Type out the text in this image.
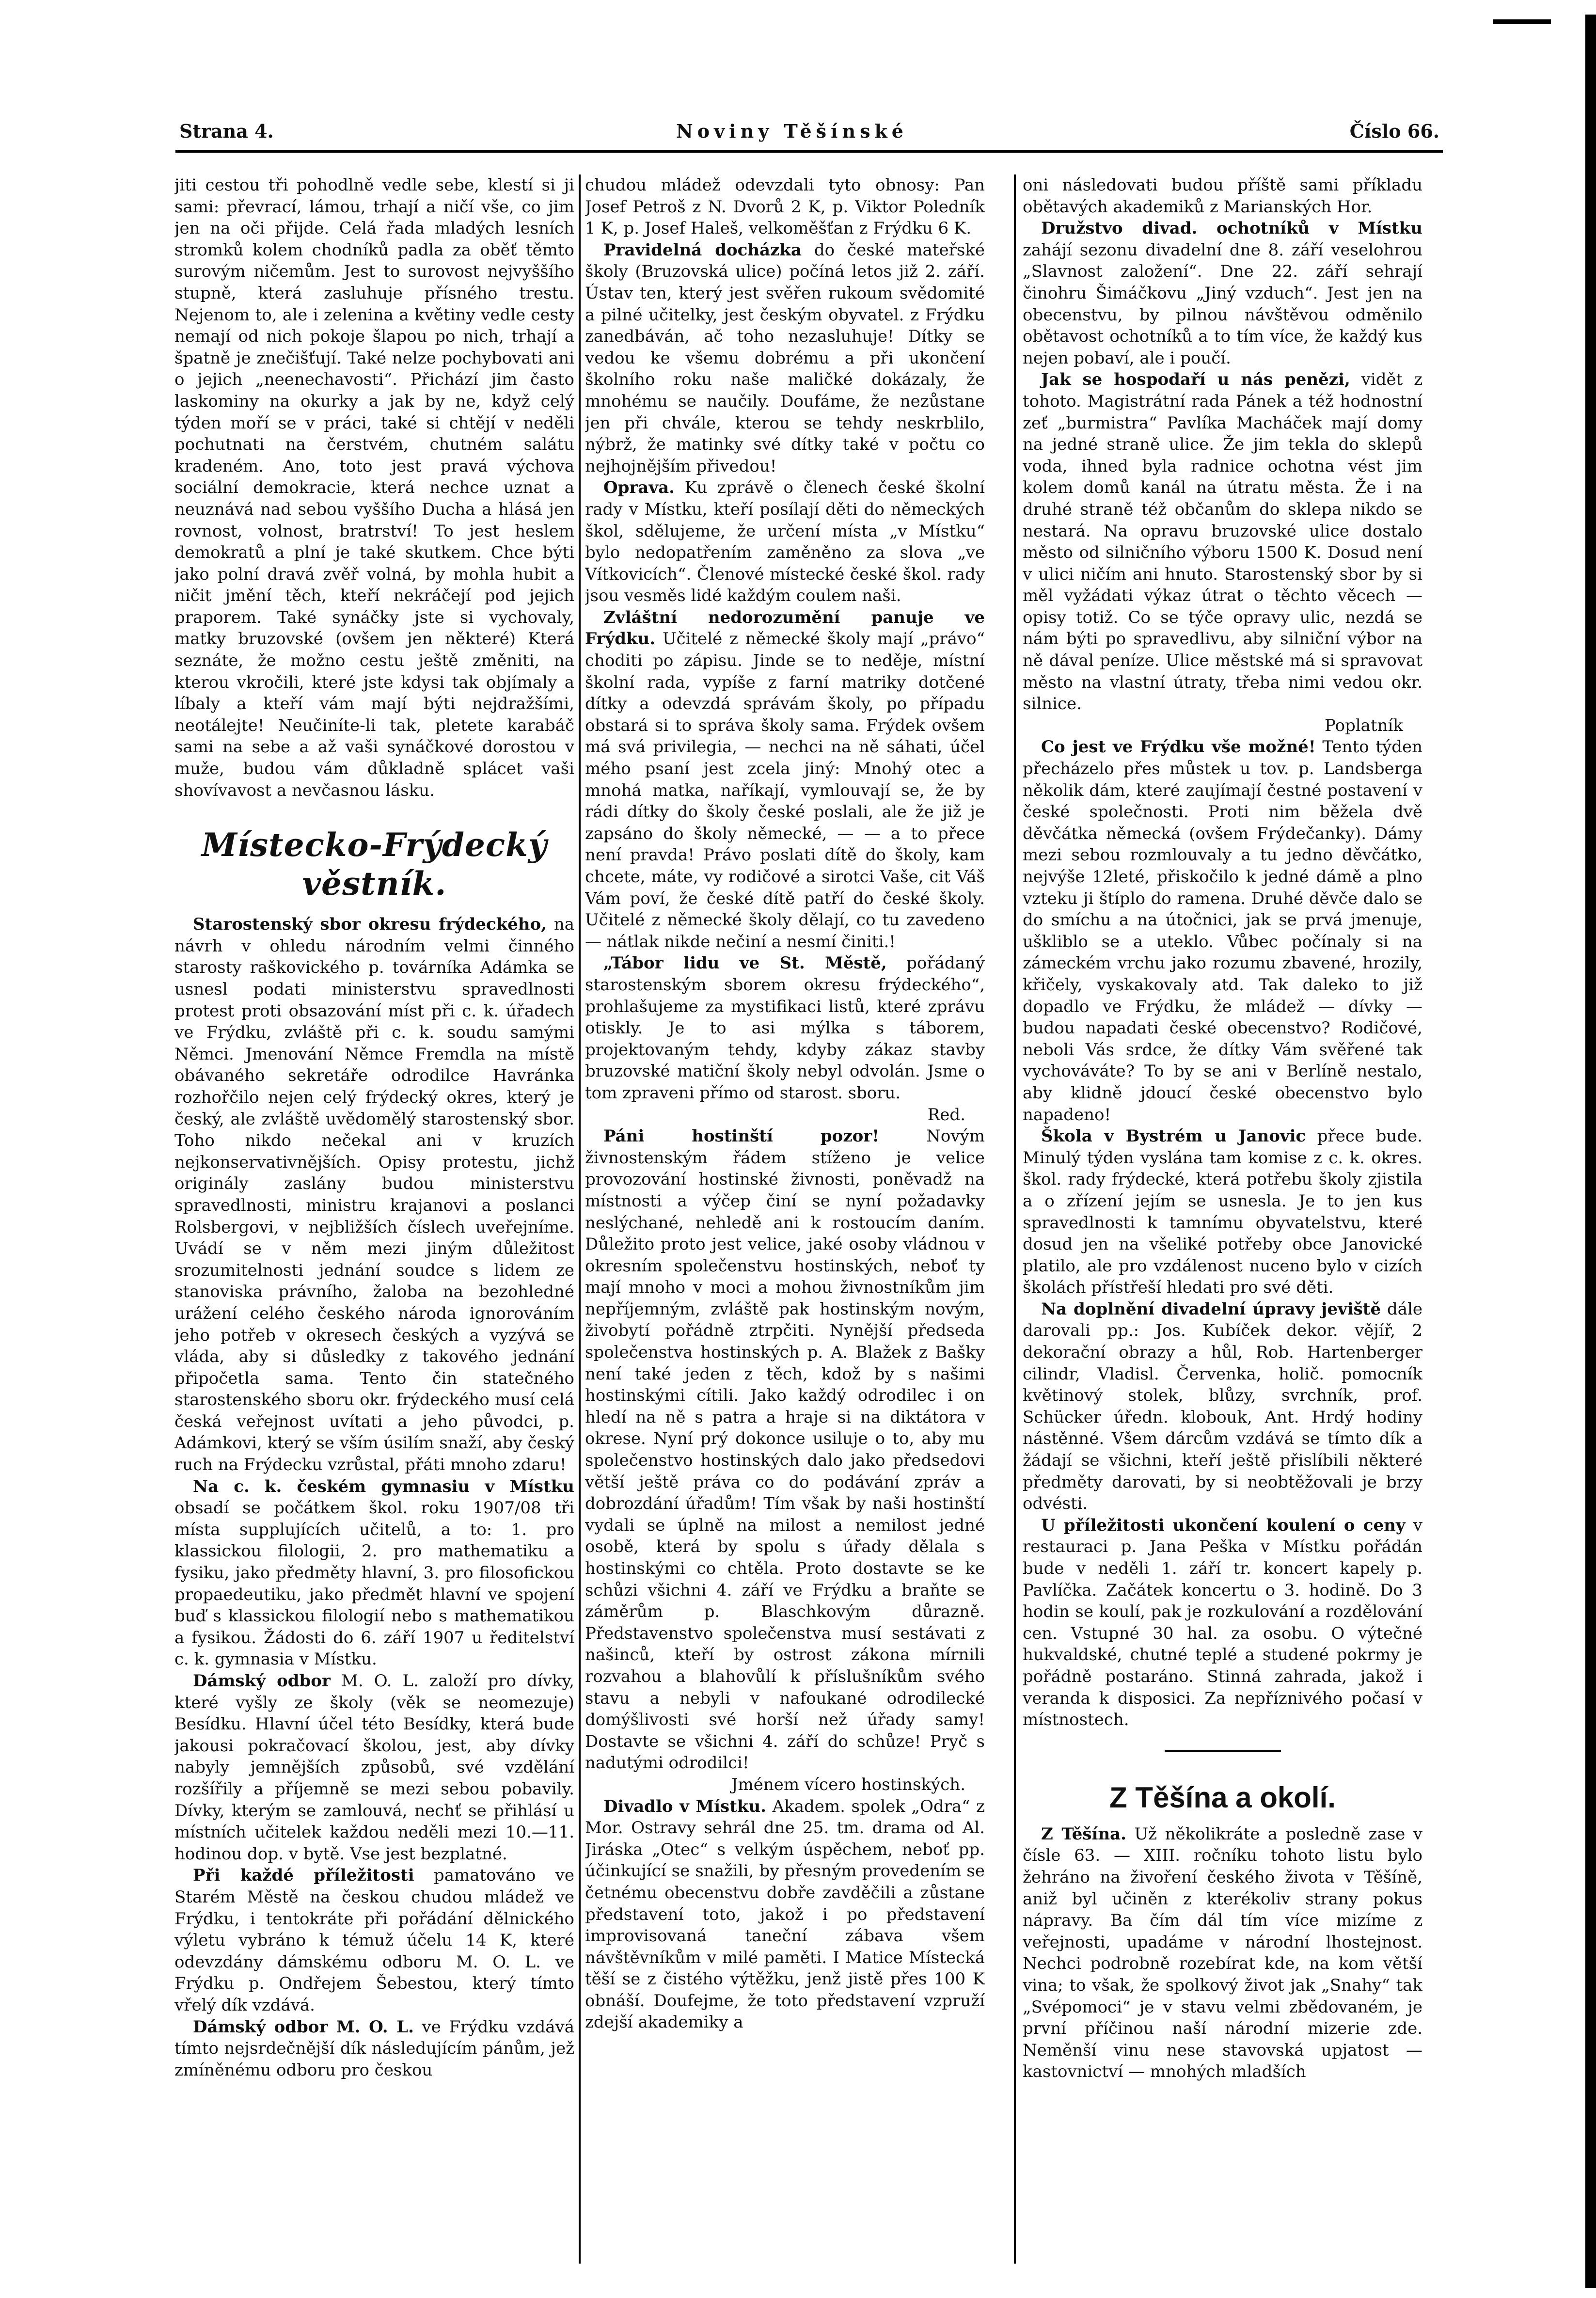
Strana 4.	Noviny Těšínské	Číslo 66.

jiti cestou tři pohodlně vedle sebe, klestí si ji sami: převrací, lámou, trhají a ničí vše, co jim jen na oči přijde. Celá řada mladých lesních stromků kolem chodníků padla za oběť těmto surovým ničemům. Jest to surovost nejvyššího stupně, která zasluhuje přísného trestu. Nejenom to, ale i zelenina a květiny vedle cesty nemají od nich pokoje šlapou po nich, trhají a špatně je znečišťují. Také nelze pochybovati ani o jejich „neenechavosti“. Přichází jim často laskominy na okurky a jak by ne, když celý týden moří se v práci, také si chtějí v neděli pochutnati na čerstvém, chutném salátu kradeném. Ano, toto jest pravá výchova sociální demokracie, která nechce uznat a neuznává nad sebou vyššího Ducha a hlásá jen rovnost, volnost, bratrství! To jest heslem demokratů a plní je také skutkem. Chce býti jako polní dravá zvěř volná, by mohla hubit a ničit jmění těch, kteří nekráčejí pod jejich praporem. Také synáčky jste si vychovaly, matky bruzovské (ovšem jen některé) Která seznáte, že možno cestu ještě změniti, na kterou vkročili, které jste kdysi tak objímaly a líbaly a kteří vám mají býti nejdražšími, neotálejte! Neučiníte-li tak, pletete karabáč sami na sebe a až vaši synáčkové dorostou v muže, budou vám důkladně splácet vaši shovívavost a nevčasnou lásku.

Místecko-Frýdecký věstník.

Starostenský sbor okresu frýdeckého, na návrh v ohledu národním velmi činného starosty raškovického p. továrníka Adámka se usnesl podati ministerstvu spravedlnosti protest proti obsazování míst při c. k. úřadech ve Frýdku, zvláště při c. k. soudu samými Němci. Jmenování Němce Fremdla na místě obávaného sekretáře odrodilce Havránka rozhořčilo nejen celý frýdecký okres, který je český, ale zvláště uvědomělý starostenský sbor. Toho nikdo nečekal ani v kruzích nejkonservativnějších. Opisy protestu, jichž originály zaslány budou ministerstvu spravedlnosti, ministru krajanovi a poslanci Rolsbergovi, v nejbližších číslech uveřejníme. Uvádí se v něm mezi jiným důležitost srozumitelnosti jednání soudce s lidem ze stanoviska právního, žaloba na bezohledné urážení celého českého národa ignorováním jeho potřeb v okresech českých a vyzývá se vláda, aby si důsledky z takového jednání připočetla sama. Tento čin statečného starostenského sboru okr. frýdeckého musí celá česká veřejnost uvítati a jeho původci, p. Adámkovi, který se vším úsilím snaží, aby český ruch na Frýdecku vzrůstal, přáti mnoho zdaru!

Na c. k. českém gymnasiu v Místku obsadí se počátkem škol. roku 1907/08 tři místa supplujících učitelů, a to: 1. pro klassickou filologii, 2. pro mathematiku a fysiku, jako předměty hlavní, 3. pro filosofickou propaedeutiku, jako předmět hlavní ve spojení buď s klassickou filologií nebo s mathematikou a fysikou. Žádosti do 6. září 1907 u ředitelství c. k. gymnasia v Místku.

Dámský odbor M. O. L. založí pro dívky, které vyšly ze školy (věk se neomezuje) Besídku. Hlavní účel této Besídky, která bude jakousi pokračovací školou, jest, aby dívky nabyly jemnějších způsobů, své vzdělání rozšířily a příjemně se mezi sebou pobavily. Dívky, kterým se zamlouvá, nechť se přihlásí u místních učitelek každou neděli mezi 10.—11. hodinou dop. v bytě. Vse jest bezplatné.

Při každé příležitosti pamatováno ve Starém Městě na českou chudou mládež ve Frýdku, i tentokráte při pořádání dělnického výletu vybráno k témuž účelu 14 K, které odevzdány dámskému odboru M. O. L. ve Frýdku p. Ondřejem Šebestou, který tímto vřelý dík vzdává.

Dámský odbor M. O. L. ve Frýdku vzdává tímto nejsrdečnější dík následujícím pánům, jež zmíněnému odboru pro českou

chudou mládež odevzdali tyto obnosy: Pan Josef Petroš z N. Dvorů 2 K, p. Viktor Poledník 1 K, p. Josef Haleš, velkoměšťan z Frýdku 6 K.

Pravidelná docházka do české mateřské školy (Bruzovská ulice) počíná letos již 2. září. Ústav ten, který jest svěřen rukoum svědomité a pilné učitelky, jest českým obyvatel. z Frýdku zanedbáván, ač toho nezasluhuje! Dítky se vedou ke všemu dobrému a při ukončení školního roku naše maličké dokázaly, že mnohému se naučily. Doufáme, že nezůstane jen při chvále, kterou se tehdy neskrblilo, nýbrž, že matinky své dítky také v počtu co nejhojnějším přivedou!

Oprava. Ku zprávě o členech české školní rady v Místku, kteří posílají děti do německých škol, sdělujeme, že určení místa „v Místku“ bylo nedopatřením zaměněno za slova „ve Vítkovicích“. Členové místecké české škol. rady jsou vesměs lidé každým coulem naši.

Zvláštní nedorozumění panuje ve Frýdku. Učitelé z německé školy mají „právo“ choditi po zápisu. Jinde se to neděje, místní školní rada, vypíše z farní matriky dotčené dítky a odevzdá správám školy, po případu obstará si to správa školy sama. Frýdek ovšem má svá privilegia, — nechci na ně sáhati, účel mého psaní jest zcela jiný: Mnohý otec a mnohá matka, naříkají, vymlouvají se, že by rádi dítky do školy české poslali, ale že již je zapsáno do školy německé, — — a to přece není pravda! Právo poslati dítě do školy, kam chcete, máte, vy rodičové a sirotci Vaše, cit Váš Vám poví, že české dítě patří do české školy. Učitelé z německé školy dělají, co tu zavedeno — nátlak nikde nečiní a nesmí činiti.!

„Tábor lidu ve St. Městě, pořádaný starostenským sborem okresu frýdeckého“, prohlašujeme za mystifikaci listů, které zprávu otiskly. Je to asi mýlka s táborem, projektovaným tehdy, kdyby zákaz stavby bruzovské matiční školy nebyl odvolán. Jsme o tom zpraveni přímo od starost. sboru.

Red.

Páni hostinští pozor! Novým živnostenským řádem stíženo je velice provozování hostinské živnosti, poněvadž na místnosti a výčep činí se nyní požadavky neslýchané, nehledě ani k rostoucím daním. Důležito proto jest velice, jaké osoby vládnou v okresním společenstvu hostinských, neboť ty mají mnoho v moci a mohou živnostníkům jim nepříjemným, zvláště pak hostinským novým, živobytí pořádně ztrpčiti. Nynější předseda společenstva hostinských p. A. Blažek z Bašky není také jeden z těch, kdož by s našimi hostinskými cítili. Jako každý odrodilec i on hledí na ně s patra a hraje si na diktátora v okrese. Nyní prý dokonce usiluje o to, aby mu společenstvo hostinských dalo jako předsedovi větší ještě práva co do podávání zpráv a dobrozdání úřadům! Tím však by naši hostinští vydali se úplně na milost a nemilost jedné osobě, která by spolu s úřady dělala s hostinskými co chtěla. Proto dostavte se ke schůzi všichni 4. září ve Frýdku a braňte se záměrům p. Blaschkovým důrazně. Představenstvo společenstva musí sestávati z našinců, kteří by ostrost zákona mírnili rozvahou a blahovůlí k příslušníkům svého stavu a nebyli v nafoukané odrodilecké domýšlivosti své horší než úřady samy! Dostavte se všichni 4. září do schůze! Pryč s nadutými odrodilci!

Jménem vícero hostinských.

Divadlo v Místku. Akadem. spolek „Odra“ z Mor. Ostravy sehrál dne 25. tm. drama od Al. Jiráska „Otec“ s velkým úspěchem, neboť pp. účinkující se snažili, by přesným provedením se četnému obecenstvu dobře zavděčili a zůstane představení toto, jakož i po představení improvisovaná taneční zábava všem návštěvníkům v milé paměti. I Matice Místecká těší se z čistého výtěžku, jenž jistě přes 100 K obnáší. Doufejme, že toto představení vzpruží zdejší akademiky a

oni následovati budou příště sami příkladu obětavých akademiků z Marianských Hor.

Družstvo divad. ochotníků v Místku zahájí sezonu divadelní dne 8. září veselohrou „Slavnost založení“. Dne 22. září sehrají činohru Šimáčkovu „Jiný vzduch“. Jest jen na obecenstvu, by pilnou návštěvou odměnilo obětavost ochotníků a to tím více, že každý kus nejen pobaví, ale i poučí.

Jak se hospodaří u nás penězi, vidět z tohoto. Magistrátní rada Pánek a též hodnostní zeť „burmistra“ Pavlíka Macháček mají domy na jedné straně ulice. Že jim tekla do sklepů voda, ihned byla radnice ochotna vést jim kolem domů kanál na útratu města. Že i na druhé straně též občanům do sklepa nikdo se nestará. Na opravu bruzovské ulice dostalo město od silničního výboru 1500 K. Dosud není v ulici ničím ani hnuto. Starostenský sbor by si měl vyžádati výkaz útrat o těchto věcech — opisy totiž. Co se týče opravy ulic, nezdá se nám býti po spravedlivu, aby silniční výbor na ně dával peníze. Ulice městské má si spravovat město na vlastní útraty, třeba nimi vedou okr. silnice.

Poplatník

Co jest ve Frýdku vše možné! Tento týden přecházelo přes můstek u tov. p. Landsberga několik dám, které zaujímají čestné postavení v české společnosti. Proti nim běžela dvě děvčátka německá (ovšem Frýdečanky). Dámy mezi sebou rozmlouvaly a tu jedno děvčátko, nejvýše 12leté, přiskočilo k jedné dámě a plno vzteku ji štíplo do ramena. Druhé děvče dalo se do smíchu a na útočnici, jak se prvá jmenuje, uškliblo se a uteklo. Vůbec počínaly si na zámeckém vrchu jako rozumu zbavené, hrozily, křičely, vyskakovaly atd. Tak daleko to již dopadlo ve Frýdku, že mládež — dívky — budou napadati české obecenstvo? Rodičové, neboli Vás srdce, že dítky Vám svěřené tak vychováváte? To by se ani v Berlíně nestalo, aby klidně jdoucí české obecenstvo bylo napadeno!

Škola v Bystrém u Janovic přece bude. Minulý týden vyslána tam komise z c. k. okres. škol. rady frýdecké, která potřebu školy zjistila a o zřízení jejím se usnesla. Je to jen kus spravedlnosti k tamnímu obyvatelstvu, které dosud jen na všeliké potřeby obce Janovické platilo, ale pro vzdálenost nuceno bylo v cizích školách přístřeší hledati pro své děti.

Na doplnění divadelní úpravy jeviště dále darovali pp.: Jos. Kubíček dekor. vějíř, 2 dekorační obrazy a hůl, Rob. Hartenberger cilindr, Vladisl. Červenka, holič. pomocník květinový stolek, blůzy, svrchník, prof. Schücker úředn. klobouk, Ant. Hrdý hodiny nástěnné. Všem dárcům vzdává se tímto dík a žádají se všichni, kteří ještě přislíbili některé předměty darovati, by si neobtěžovali je brzy odvésti.

U příležitosti ukončení koulení o ceny v restauraci p. Jana Peška v Místku pořádán bude v neděli 1. září tr. koncert kapely p. Pavlíčka. Začátek koncertu o 3. hodině. Do 3 hodin se koulí, pak je rozkulování a rozdělování cen. Vstupné 30 hal. za osobu. O výtečné hukvaldské, chutné teplé a studené pokrmy je pořádně postaráno. Stinná zahrada, jakož i veranda k disposici. Za nepříznivého počasí v místnostech.

Z Těšína a okolí.

Z Těšína. Už několikráte a posledně zase v čísle 63. — XIII. ročníku tohoto listu bylo žehráno na živoření českého života v Těšíně, aniž byl učiněn z kterékoliv strany pokus nápravy. Ba čím dál tím více mizíme z veřejnosti, upadáme v národní lhostejnost. Nechci podrobně rozebírat kde, na kom větší vina; to však, že spolkový život jak „Snahy“ tak „Svépomoci“ je v stavu velmi zbědovaném, je první příčinou naší národní mizerie zde. Neměnší vinu nese stavovská upjatost — kastovnictví — mnohých mladších
